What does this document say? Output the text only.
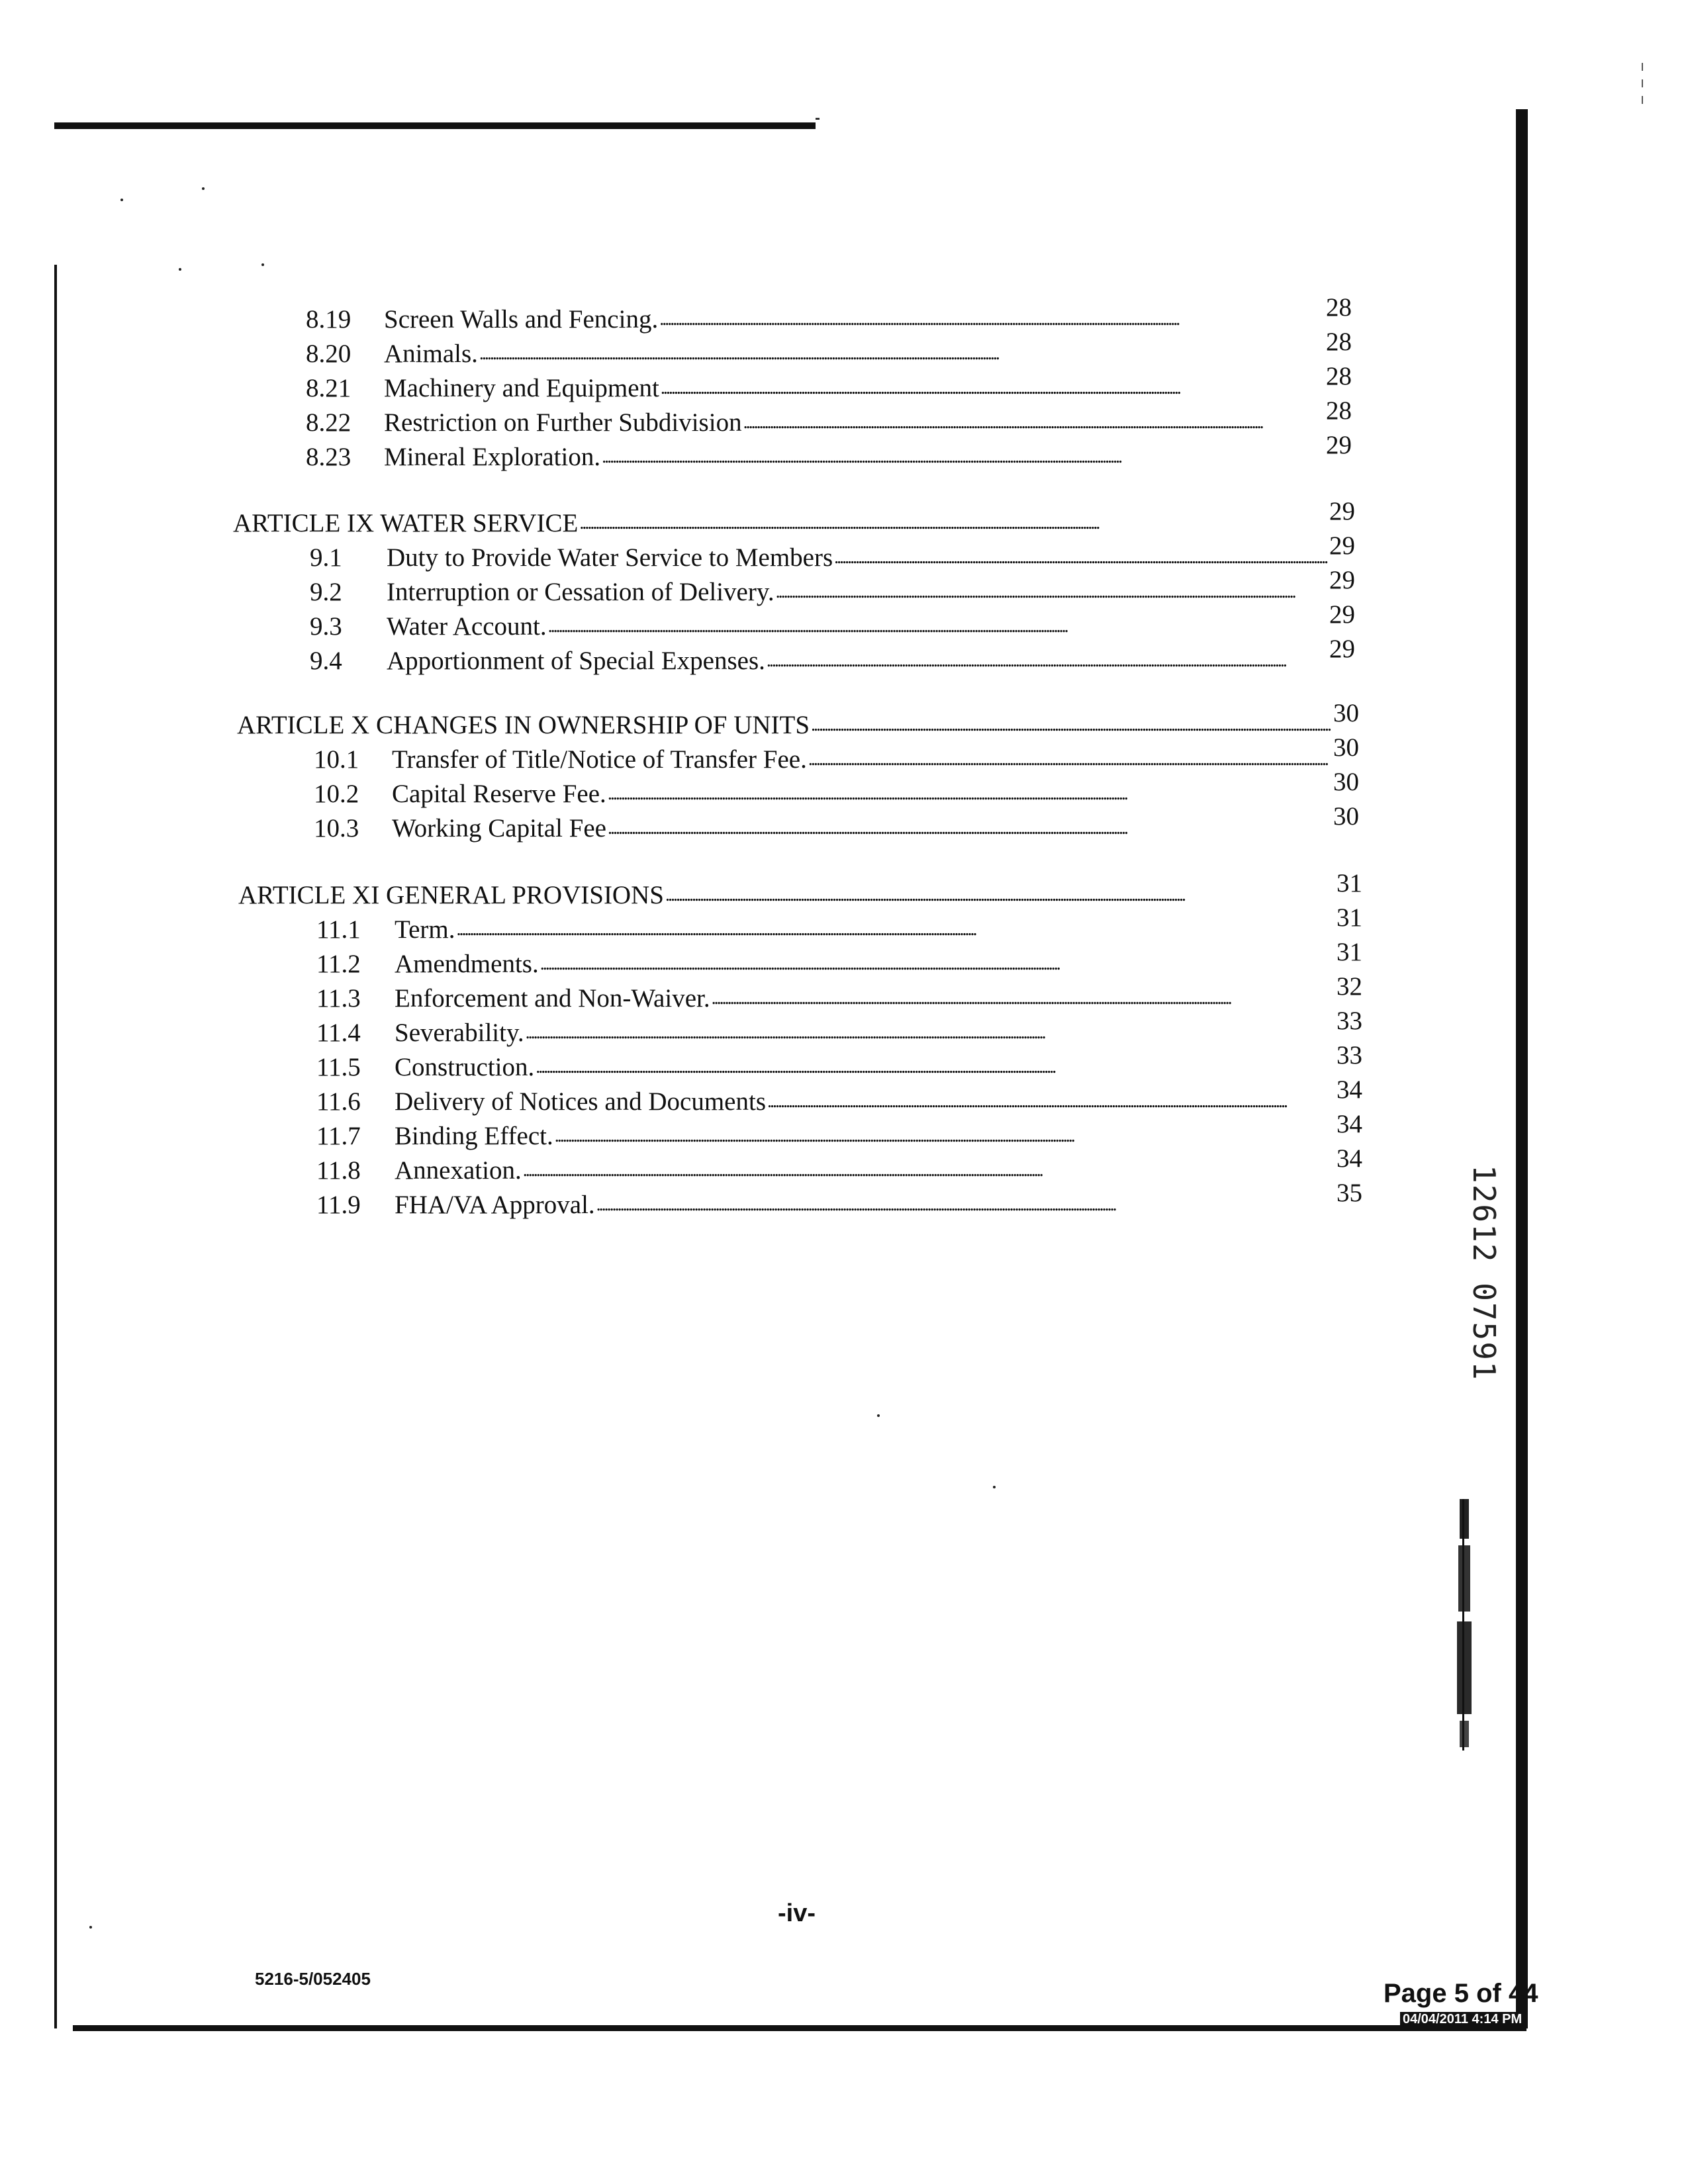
8.19	Screen Walls and Fencing. . . .	28
8.20	Animals. . . .	28
8.21	Machinery and Equipment . . .	28
8.22	Restriction on Further Subdivision . . .	28
8.23	Mineral Exploration. . . .	29
ARTICLE IX WATER SERVICE . . .	29
9.1	Duty to Provide Water Service to Members . . .	29
9.2	Interruption or Cessation of Delivery. . . .	29
9.3	Water Account. . . .	29
9.4	Apportionment of Special Expenses. . . .	29
ARTICLE X CHANGES IN OWNERSHIP OF UNITS . . .	30
10.1	Transfer of Title/Notice of Transfer Fee. . . .	30
10.2	Capital Reserve Fee. . . .	30
10.3	Working Capital Fee . . .	30
ARTICLE XI GENERAL PROVISIONS . . .	31
11.1	Term. . . .	31
11.2	Amendments. . . .	31
11.3	Enforcement and Non-Waiver. . . .	32
11.4	Severability. . . .	33
11.5	Construction. . . .	33
11.6	Delivery of Notices and Documents . . .	34
11.7	Binding Effect. . . .	34
11.8	Annexation. . . .	34
11.9	FHA/VA Approval. . . .	35	12612 07591
-iv-
5216-5/052405	Page 5 of 44
04/04/2011 4:14 PM
